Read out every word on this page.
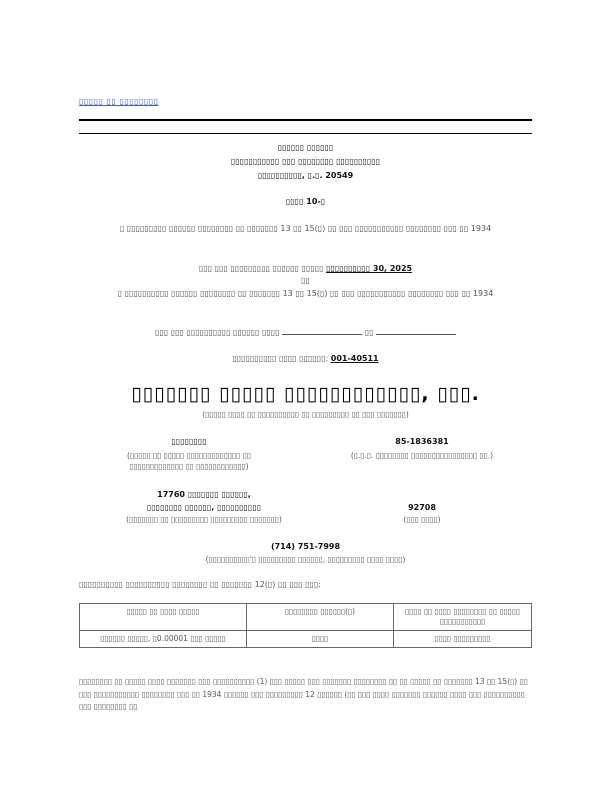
▯▯▯▯▯ ▯▯ ▯▯▯▯▯▯▯▯
▯▯▯▯▯▯ ▯▯▯▯▯▯
▯▯▯▯▯▯▯▯▯▯▯ ▯▯▯ ▯▯▯▯▯▯▯▯ ▯▯▯▯▯▯▯▯▯▯
▯▯▯▯▯▯▯▯▯▯, ▯.▯. 20549
▯▯▯▯ 10-▯
▯ ▯▯▯▯▯▯▯▯▯ ▯▯▯▯▯▯ ▯▯▯▯▯▯▯▯ ▯▯ ▯▯▯▯▯▯▯ 13 ▯▯ 15(▯) ▯▯ ▯▯▯ ▯▯▯▯▯▯▯▯▯▯▯ ▯▯▯▯▯▯▯▯ ▯▯▯ ▯▯ 1934
▯▯▯ ▯▯▯ ▯▯▯▯▯▯▯▯▯ ▯▯▯▯▯▯ ▯▯▯▯▯ ▯▯▯▯▯▯▯▯▯▯ 30, 2025
▯▯
▯ ▯▯▯▯▯▯▯▯▯▯ ▯▯▯▯▯▯ ▯▯▯▯▯▯▯▯ ▯▯ ▯▯▯▯▯▯▯ 13 ▯▯ 15(▯) ▯▯ ▯▯▯ ▯▯▯▯▯▯▯▯▯▯▯ ▯▯▯▯▯▯▯▯ ▯▯▯ ▯▯ 1934
▯▯▯ ▯▯▯ ▯▯▯▯▯▯▯▯▯▯ ▯▯▯▯▯▯ ▯▯▯▯	▯▯
▯▯▯▯▯▯▯▯▯▯ ▯▯▯▯ ▯▯▯▯▯▯: 001-40511
▯▯▯▯▯▯▯ ▯▯▯▯▯ ▯▯▯▯▯▯▯▯▯▯▯▯, ▯▯▯.
(▯▯▯▯▯ ▯▯▯▯ ▯▯ ▯▯▯▯▯▯▯▯▯▯ ▯▯ ▯▯▯▯▯▯▯▯▯ ▯▯ ▯▯▯ ▯▯▯▯▯▯▯)
▯▯▯▯▯▯▯▯
(▯▯▯▯▯ ▯▯ ▯▯▯▯▯ ▯▯▯▯▯▯▯▯▯▯▯▯▯ ▯▯
▯▯▯▯▯▯▯▯▯▯▯▯▯ ▯▯ ▯▯▯▯▯▯▯▯▯▯▯▯)
85-1836381
(▯.▯.▯. ▯▯▯▯▯▯▯▯ ▯▯▯▯▯▯▯▯▯▯▯▯▯▯▯▯ ▯▯.)
17760 ▯▯▯▯▯▯▯ ▯▯▯▯▯▯,
▯▯▯▯▯▯▯▯ ▯▯▯▯▯▯, ▯▯▯▯▯▯▯▯▯▯
(▯▯▯▯▯▯▯ ▯▯ ▯▯▯▯▯▯▯▯▯ ▯▯▯▯▯▯▯▯▯ ▯▯▯▯▯▯▯)
92708
(▯▯▯ ▯▯▯▯)
(714) 751-7998
(▯▯▯▯▯▯▯▯▯▯'▯ ▯▯▯▯▯▯▯▯▯ ▯▯▯▯▯▯, ▯▯▯▯▯▯▯▯▯ ▯▯▯▯ ▯▯▯▯)
▯▯▯▯▯▯▯▯▯▯ ▯▯▯▯▯▯▯▯▯▯ ▯▯▯▯▯▯▯▯ ▯▯ ▯▯▯▯▯▯▯ 12(▯) ▯▯ ▯▯▯ ▯▯▯:
▯▯▯▯▯ ▯▯ ▯▯▯▯ ▯▯▯▯▯	▯▯▯▯▯▯▯▯ ▯▯▯▯▯▯(▯)	▯▯▯▯ ▯▯ ▯▯▯▯ ▯▯▯▯▯▯▯▯ ▯▯ ▯▯▯▯▯ ▯▯▯▯▯▯▯▯▯▯▯
▯▯▯▯▯▯ ▯▯▯▯▯, ▯0.00001 ▯▯▯ ▯▯▯▯▯	▯▯▯▯	▯▯▯▯ ▯▯▯▯▯▯▯▯▯
▯▯▯▯▯▯▯▯ ▯▯ ▯▯▯▯▯ ▯▯▯▯ ▯▯▯▯▯▯▯ ▯▯▯ ▯▯▯▯▯▯▯▯▯▯ (1) ▯▯▯ ▯▯▯▯▯ ▯▯▯ ▯▯▯▯▯▯▯ ▯▯▯▯▯▯▯▯ ▯▯ ▯▯ ▯▯▯▯▯ ▯▯ ▯▯▯▯▯▯▯ 13 ▯▯ 15(▯) ▯▯ ▯▯▯ ▯▯▯▯▯▯▯▯▯▯▯ ▯▯▯▯▯▯▯▯ ▯▯▯ ▯▯ 1934 ▯▯▯▯▯▯ ▯▯▯ ▯▯▯▯▯▯▯▯▯ 12 ▯▯▯▯▯▯ (▯▯ ▯▯▯ ▯▯▯▯ ▯▯▯▯▯▯▯ ▯▯▯▯▯▯ ▯▯▯▯ ▯▯▯ ▯▯▯▯▯▯▯▯▯▯ ▯▯▯ ▯▯▯▯▯▯▯▯ ▯▯
